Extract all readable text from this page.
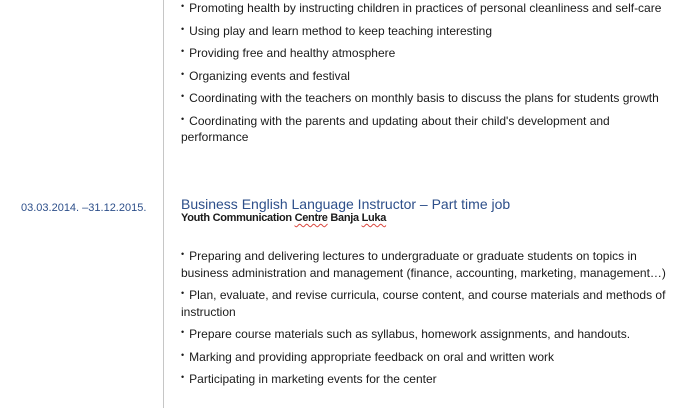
• Promoting health by instructing children in practices of personal cleanliness and self-care
• Using play and learn method to keep teaching interesting
• Providing free and healthy atmosphere
• Organizing events and festival
• Coordinating with the teachers on monthly basis to discuss the plans for students growth
• Coordinating with the parents and updating about their child's development and performance
03.03.2014. –31.12.2015. Business English Language Instructor – Part time job
Youth Communication Centre Banja Luka
• Preparing and delivering lectures to undergraduate or graduate students on topics in business administration and management (finance, accounting, marketing, management…)
• Plan, evaluate, and revise curricula, course content, and course materials and methods of instruction
• Prepare course materials such as syllabus, homework assignments, and handouts.
• Marking and providing appropriate feedback on oral and written work
• Participating in marketing events for the center
